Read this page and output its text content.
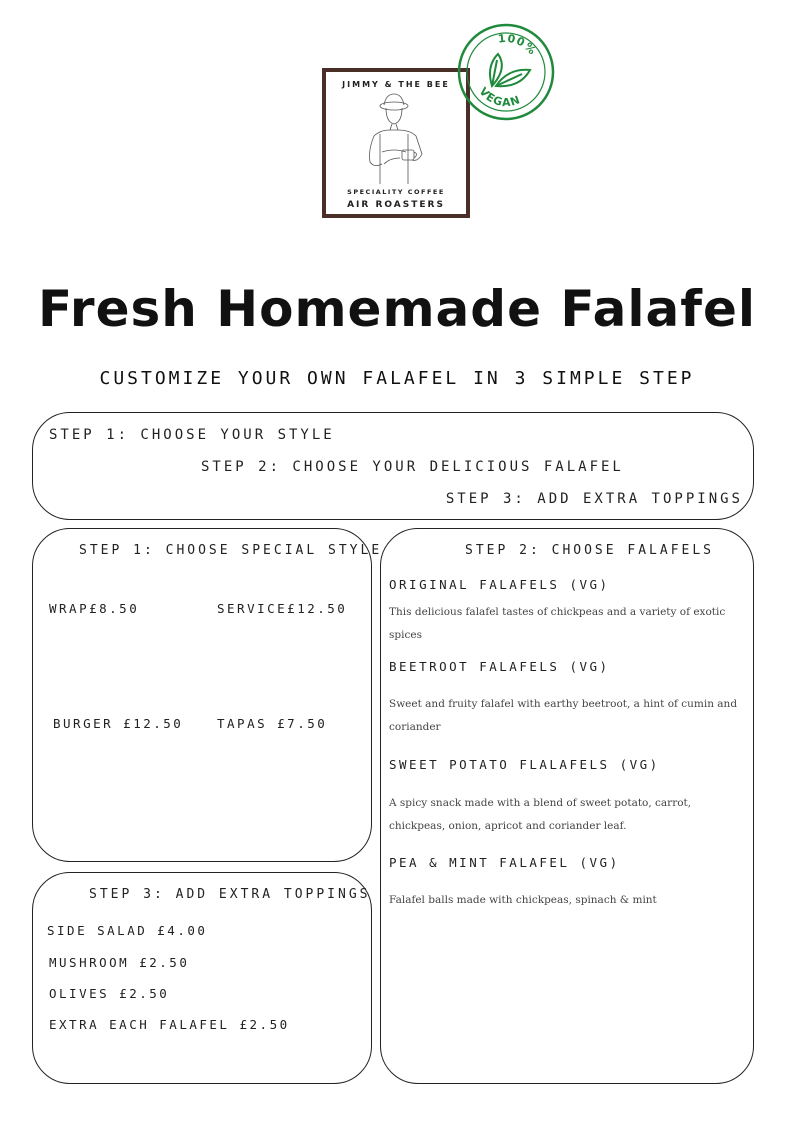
JIMMY & THE BEE
SPECIALITY COFFEE
AIR ROASTERS
100%
VEGAN
Fresh Homemade Falafel
CUSTOMIZE YOUR OWN FALAFEL IN 3 SIMPLE STEP
STEP 1: CHOOSE YOUR STYLE
STEP 2: CHOOSE YOUR DELICIOUS FALAFEL
STEP 3: ADD EXTRA TOPPINGS
STEP 1: CHOOSE SPECIAL STYLE
WRAP£8.50	SERVICE£12.50
BURGER £12.50	TAPAS £7.50
STEP 3: ADD EXTRA TOPPINGS
SIDE SALAD £4.00
MUSHROOM £2.50
OLIVES £2.50
EXTRA EACH FALAFEL £2.50
STEP 2: CHOOSE FALAFELS
ORIGINAL FALAFELS (VG)
This delicious falafel tastes of chickpeas and a variety of exotic spices
BEETROOT FALAFELS (VG)
Sweet and fruity falafel with earthy beetroot, a hint of cumin and coriander
SWEET POTATO FLALAFELS (VG)
A spicy snack made with a blend of sweet potato, carrot, chickpeas, onion, apricot and coriander leaf.
PEA & MINT FALAFEL (VG)
Falafel balls made with chickpeas, spinach & mint
